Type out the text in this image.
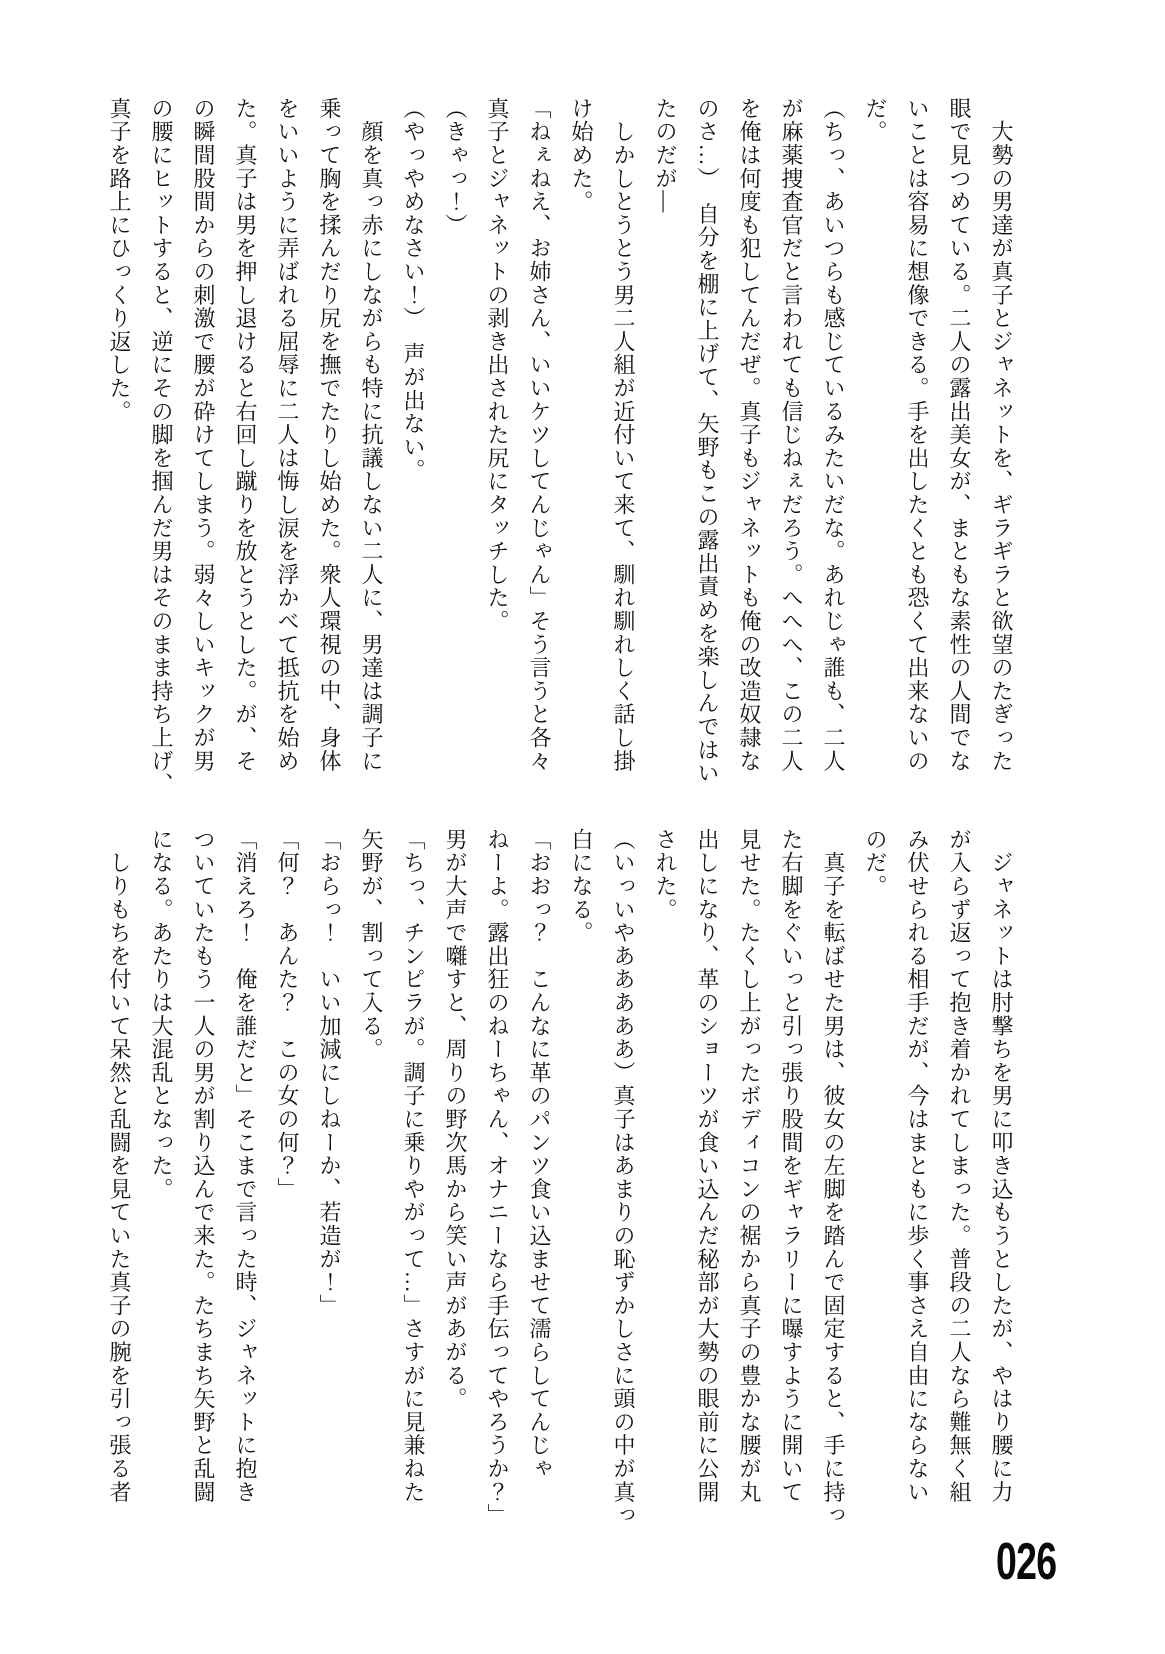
　大勢の男達が真子とジャネットを、ギラギラと欲望のたぎった
眼で見つめている。二人の露出美女が、まともな素性の人間でな
いことは容易に想像できる。手を出したくとも恐くて出来ないの
だ。
（ちっ、あいつらも感じているみたいだな。あれじゃ誰も、二人
が麻薬捜査官だと言われても信じねぇだろう。へへへ、この二人
を俺は何度も犯してんだぜ。真子もジャネットも俺の改造奴隷な
のさ…）　自分を棚に上げて、矢野もこの露出責めを楽しんではい
たのだが―
　しかしとうとう男二人組が近付いて来て、馴れ馴れしく話し掛
け始めた。
「ねぇねえ、お姉さん、いいケツしてんじゃん」そう言うと各々
真子とジャネットの剥き出された尻にタッチした。
（きゃっ！）
（やっやめなさい！）　声が出ない。
　顔を真っ赤にしながらも特に抗議しない二人に、男達は調子に
乗って胸を揉んだり尻を撫でたりし始めた。衆人環視の中、身体
をいいように弄ばれる屈辱に二人は悔し涙を浮かべて抵抗を始め
た。真子は男を押し退けると右回し蹴りを放とうとした。が、そ
の瞬間股間からの刺激で腰が砕けてしまう。弱々しいキックが男
の腰にヒットすると、逆にその脚を掴んだ男はそのまま持ち上げ、
真子を路上にひっくり返した。
　ジャネットは肘撃ちを男に叩き込もうとしたが、やはり腰に力
が入らず返って抱き着かれてしまった。普段の二人なら難無く組
み伏せられる相手だが、今はまともに歩く事さえ自由にならない
のだ。
　真子を転ばせた男は、彼女の左脚を踏んで固定すると、手に持っ
た右脚をぐいっと引っ張り股間をギャラリーに曝すように開いて
見せた。たくし上がったボディコンの裾から真子の豊かな腰が丸
出しになり、革のショーツが食い込んだ秘部が大勢の眼前に公開
された。
（いっいやあああああ）真子はあまりの恥ずかしさに頭の中が真っ
白になる。
「おおっ？　こんなに革のパンツ食い込ませて濡らしてんじゃ
ねーよ。露出狂のねーちゃん、オナニーなら手伝ってやろうか？」
男が大声で囃すと、周りの野次馬から笑い声があがる。
「ちっ、チンピラが。調子に乗りやがって…」さすがに見兼ねた
矢野が、割って入る。
「おらっ！　いい加減にしねーか、若造が！」
「何？　あんた？　この女の何？」
「消えろ！　俺を誰だと」そこまで言った時、ジャネットに抱き
ついていたもう一人の男が割り込んで来た。たちまち矢野と乱闘
になる。あたりは大混乱となった。
　しりもちを付いて呆然と乱闘を見ていた真子の腕を引っ張る者
026
